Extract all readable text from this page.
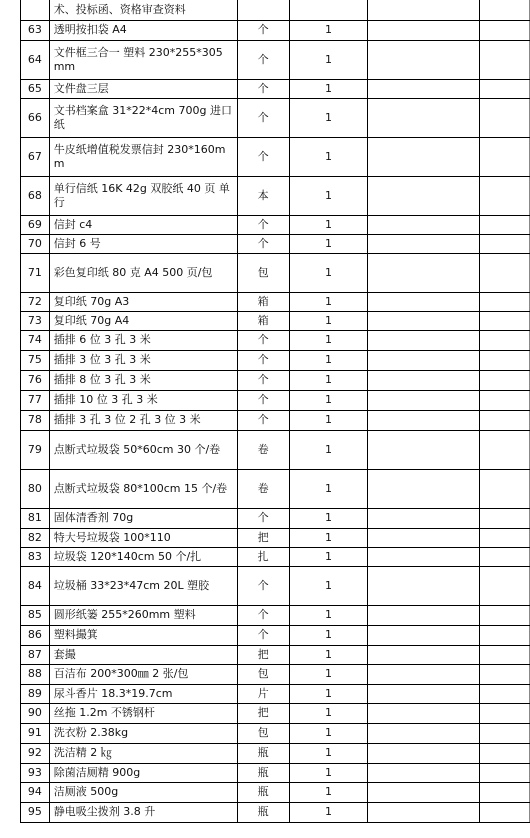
	术、投标函、资格审查资料				
63	透明按扣袋 A4	个	1		
64	文件框三合一 塑料 230*255*305mm	个	1		
65	文件盘三层	个	1		
66	文书档案盒 31*22*4cm 700g 进口纸	个	1		
67	牛皮纸增值税发票信封 230*160mm	个	1		
68	单行信纸 16K 42g 双胶纸 40 页 单行	本	1		
69	信封 c4	个	1		
70	信封 6 号	个	1		
71	彩色复印纸 80 克 A4 500 页/包	包	1		
72	复印纸 70g A3	箱	1		
73	复印纸 70g A4	箱	1		
74	插排 6 位 3 孔 3 米	个	1		
75	插排 3 位 3 孔 3 米	个	1		
76	插排 8 位 3 孔 3 米	个	1		
77	插排 10 位 3 孔 3 米	个	1		
78	插排 3 孔 3 位 2 孔 3 位 3 米	个	1		
79	点断式垃圾袋 50*60cm 30 个/卷	卷	1		
80	点断式垃圾袋 80*100cm 15 个/卷	卷	1		
81	固体清香剂 70g	个	1		
82	特大号垃圾袋 100*110	把	1		
83	垃圾袋 120*140cm 50 个/扎	扎	1		
84	垃圾桶 33*23*47cm 20L 塑胶	个	1		
85	圆形纸篓 255*260mm 塑料	个	1		
86	塑料撮箕	个	1		
87	套撮	把	1		
88	百洁布 200*300㎜ 2 张/包	包	1		
89	尿斗香片 18.3*19.7cm	片	1		
90	丝拖 1.2m 不锈钢杆	把	1		
91	洗衣粉 2.38kg	包	1		
92	洗洁精 2 ㎏	瓶	1		
93	除菌洁厕精 900g	瓶	1		
94	洁厕液 500g	瓶	1		
95	静电吸尘拨剂 3.8 升	瓶	1		
